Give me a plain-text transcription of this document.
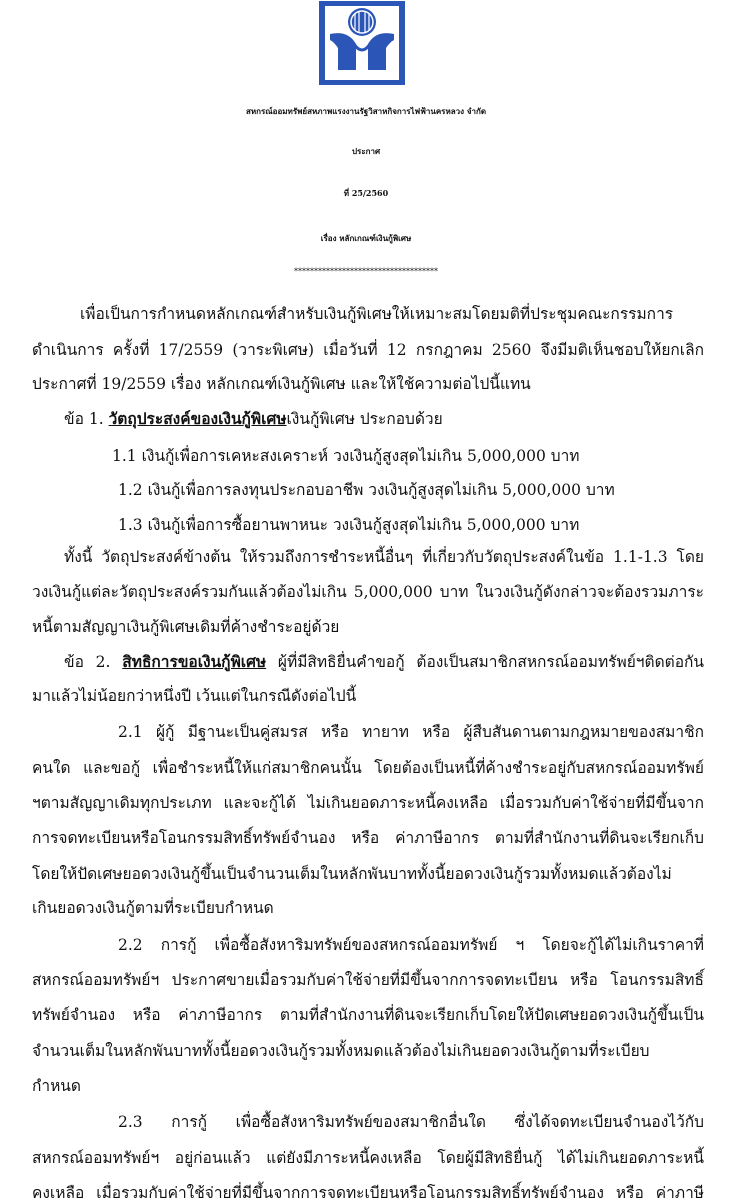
สหกรณ์ออมทรัพย์สหภาพแรงงานรัฐวิสาหกิจการไฟฟ้านครหลวง จำกัด
ประกาศ
ที่ 25/2560
เรื่อง หลักเกณฑ์เงินกู้พิเศษ
************************************
เพื่อเป็นการกำหนดหลักเกณฑ์สำหรับเงินกู้พิเศษให้เหมาะสมโดยมติที่ประชุมคณะกรรมการ
ดำเนินการ ครั้งที่ 17/2559 (วาระพิเศษ) เมื่อวันที่ 12 กรกฎาคม 2560 จึงมีมติเห็นชอบให้ยกเลิก
ประกาศที่ 19/2559 เรื่อง หลักเกณฑ์เงินกู้พิเศษ และให้ใช้ความต่อไปนี้แทน
ข้อ 1. วัตถุประสงค์ของเงินกู้พิเศษเงินกู้พิเศษ ประกอบด้วย
1.1 เงินกู้เพื่อการเคหะสงเคราะห์ วงเงินกู้สูงสุดไม่เกิน 5,000,000 บาท
1.2 เงินกู้เพื่อการลงทุนประกอบอาชีพ วงเงินกู้สูงสุดไม่เกิน 5,000,000 บาท
1.3 เงินกู้เพื่อการซื้อยานพาหนะ วงเงินกู้สูงสุดไม่เกิน 5,000,000 บาท
ทั้งนี้ วัตถุประสงค์ข้างต้น ให้รวมถึงการชำระหนี้อื่นๆ ที่เกี่ยวกับวัตถุประสงค์ในข้อ 1.1-1.3 โดย
วงเงินกู้แต่ละวัตถุประสงค์รวมกันแล้วต้องไม่เกิน 5,000,000 บาท ในวงเงินกู้ดังกล่าวจะต้องรวมภาระ
หนี้ตามสัญญาเงินกู้พิเศษเดิมที่ค้างชำระอยู่ด้วย
ข้อ 2. สิทธิการขอเงินกู้พิเศษ ผู้ที่มีสิทธิยื่นคำขอกู้ ต้องเป็นสมาชิกสหกรณ์ออมทรัพย์ฯติดต่อกัน
มาแล้วไม่น้อยกว่าหนึ่งปี เว้นแต่ในกรณีดังต่อไปนี้
2.1 ผู้กู้ มีฐานะเป็นคู่สมรส หรือ ทายาท หรือ ผู้สืบสันดานตามกฎหมายของสมาชิก
คนใด และขอกู้ เพื่อชำระหนี้ให้แก่สมาชิกคนนั้น โดยต้องเป็นหนี้ที่ค้างชำระอยู่กับสหกรณ์ออมทรัพย์
ฯตามสัญญาเดิมทุกประเภท และจะกู้ได้ ไม่เกินยอดภาระหนี้คงเหลือ เมื่อรวมกับค่าใช้จ่ายที่มีขึ้นจาก
การจดทะเบียนหรือโอนกรรมสิทธิ์ทรัพย์จำนอง หรือ ค่าภาษีอากร ตามที่สำนักงานที่ดินจะเรียกเก็บ
โดยให้ปัดเศษยอดวงเงินกู้ขึ้นเป็นจำนวนเต็มในหลักพันบาททั้งนี้ยอดวงเงินกู้รวมทั้งหมดแล้วต้องไม่
เกินยอดวงเงินกู้ตามที่ระเบียบกำหนด
2.2 การกู้ เพื่อซื้อสังหาริมทรัพย์ของสหกรณ์ออมทรัพย์ ฯ โดยจะกู้ได้ไม่เกินราคาที่
สหกรณ์ออมทรัพย์ฯ ประกาศขายเมื่อรวมกับค่าใช้จ่ายที่มีขึ้นจากการจดทะเบียน หรือ โอนกรรมสิทธิ์
ทรัพย์จำนอง หรือ ค่าภาษีอากร ตามที่สำนักงานที่ดินจะเรียกเก็บโดยให้ปัดเศษยอดวงเงินกู้ขึ้นเป็น
จำนวนเต็มในหลักพันบาททั้งนี้ยอดวงเงินกู้รวมทั้งหมดแล้วต้องไม่เกินยอดวงเงินกู้ตามที่ระเบียบ
กำหนด
2.3 การกู้ เพื่อซื้อสังหาริมทรัพย์ของสมาชิกอื่นใด ซึ่งได้จดทะเบียนจำนองไว้กับ
สหกรณ์ออมทรัพย์ฯ อยู่ก่อนแล้ว แต่ยังมีภาระหนี้คงเหลือ โดยผู้มีสิทธิยื่นกู้ ได้ไม่เกินยอดภาระหนี้
คงเหลือ เมื่อรวมกับค่าใช้จ่ายที่มีขึ้นจากการจดทะเบียนหรือโอนกรรมสิทธิ์ทรัพย์จำนอง หรือ ค่าภาษี
